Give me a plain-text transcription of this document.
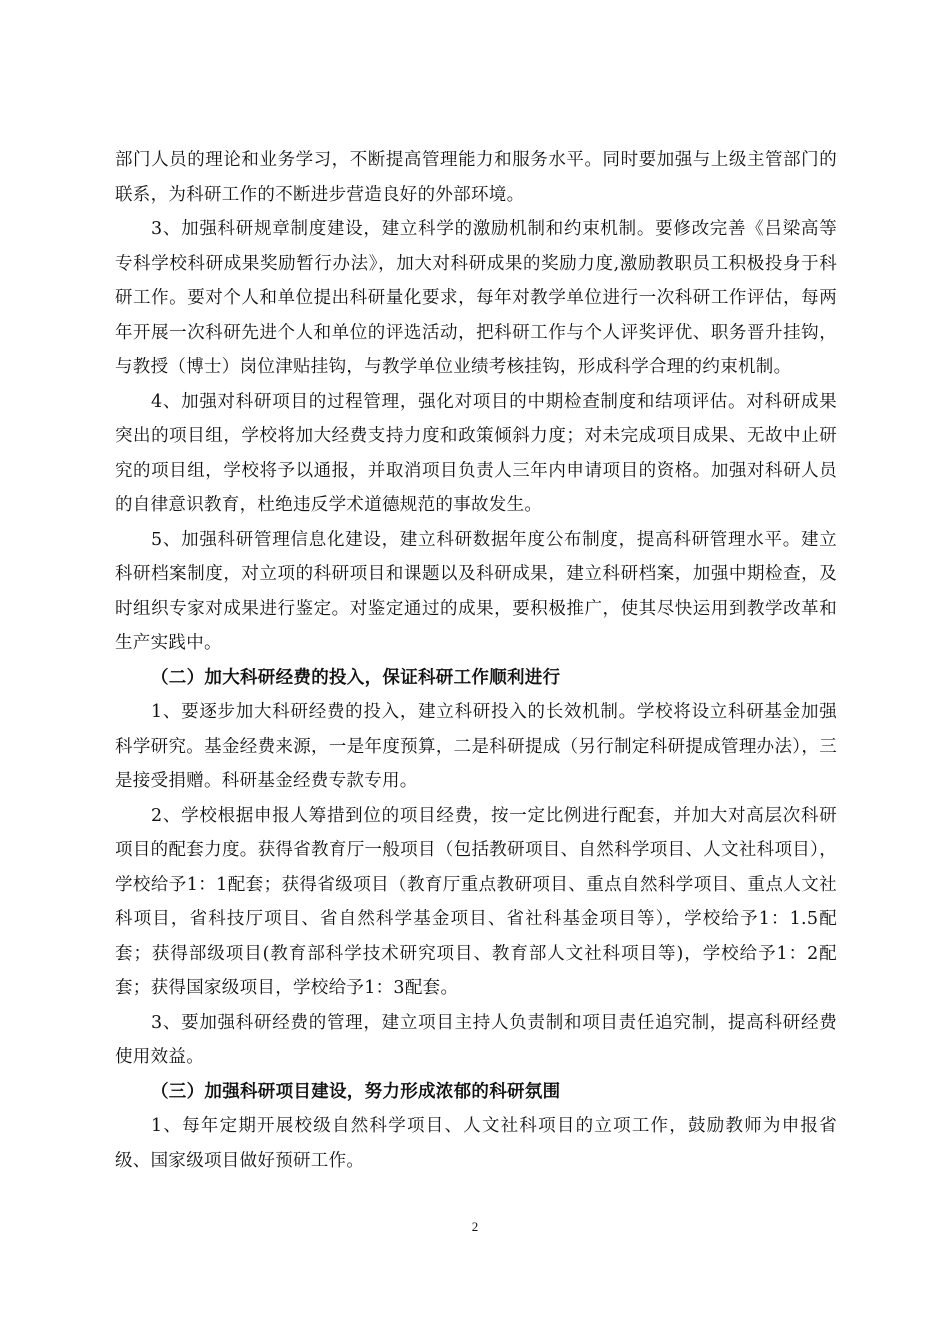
部门人员的理论和业务学习，不断提高管理能力和服务水平。同时要加强与上级主管部门的联系，为科研工作的不断进步营造良好的外部环境。

3、加强科研规章制度建设，建立科学的激励机制和约束机制。要修改完善《吕梁高等专科学校科研成果奖励暂行办法》，加大对科研成果的奖励力度,激励教职员工积极投身于科研工作。要对个人和单位提出科研量化要求，每年对教学单位进行一次科研工作评估，每两年开展一次科研先进个人和单位的评选活动，把科研工作与个人评奖评优、职务晋升挂钩，与教授（博士）岗位津贴挂钩，与教学单位业绩考核挂钩，形成科学合理的约束机制。

4、加强对科研项目的过程管理，强化对项目的中期检查制度和结项评估。对科研成果突出的项目组，学校将加大经费支持力度和政策倾斜力度；对未完成项目成果、无故中止研究的项目组，学校将予以通报，并取消项目负责人三年内申请项目的资格。加强对科研人员的自律意识教育，杜绝违反学术道德规范的事故发生。

5、加强科研管理信息化建设，建立科研数据年度公布制度，提高科研管理水平。建立科研档案制度，对立项的科研项目和课题以及科研成果，建立科研档案，加强中期检查，及时组织专家对成果进行鉴定。对鉴定通过的成果，要积极推广，使其尽快运用到教学改革和生产实践中。

（二）加大科研经费的投入，保证科研工作顺利进行

1、要逐步加大科研经费的投入，建立科研投入的长效机制。学校将设立科研基金加强科学研究。基金经费来源，一是年度预算，二是科研提成（另行制定科研提成管理办法），三是接受捐赠。科研基金经费专款专用。

2、学校根据申报人筹措到位的项目经费，按一定比例进行配套，并加大对高层次科研项目的配套力度。获得省教育厅一般项目（包括教研项目、自然科学项目、人文社科项目），学校给予1：1配套；获得省级项目（教育厅重点教研项目、重点自然科学项目、重点人文社科项目，省科技厅项目、省自然科学基金项目、省社科基金项目等），学校给予1：1.5配套；获得部级项目(教育部科学技术研究项目、教育部人文社科项目等)，学校给予1：2配套；获得国家级项目，学校给予1：3配套。

3、要加强科研经费的管理，建立项目主持人负责制和项目责任追究制，提高科研经费使用效益。

（三）加强科研项目建设，努力形成浓郁的科研氛围

1、每年定期开展校级自然科学项目、人文社科项目的立项工作，鼓励教师为申报省级、国家级项目做好预研工作。

2
